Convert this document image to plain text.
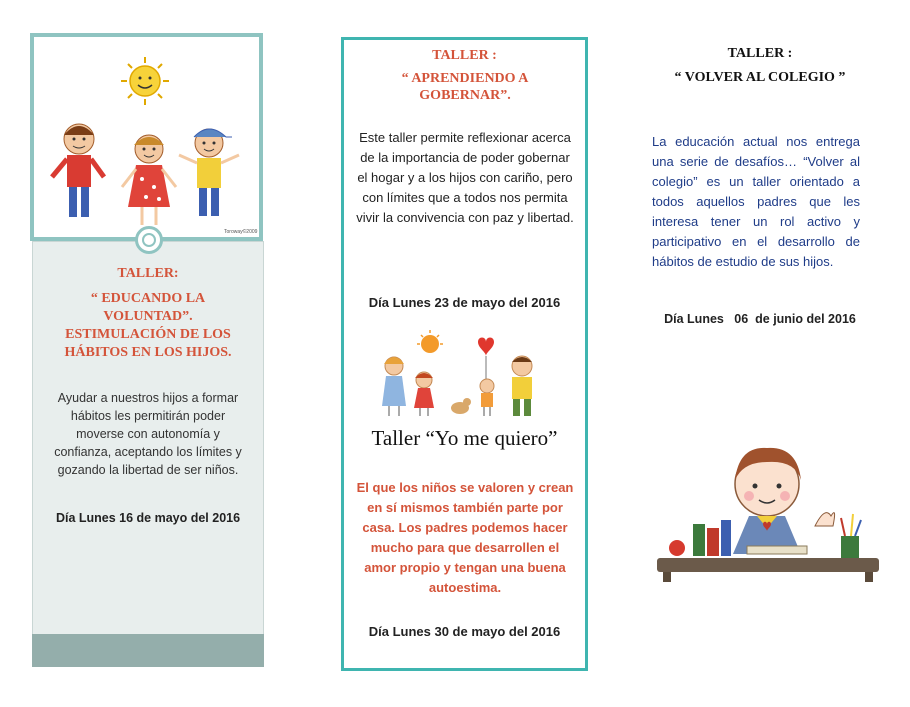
Toroway©2009
TALLER:
“ EDUCANDO LA VOLUNTAD”. ESTIMULACIÓN DE LOS HÁBITOS EN LOS HIJOS.
Ayudar a nuestros hijos a formar hábitos les permitirán poder moverse con autonomía y confianza, aceptando los límites y gozando la libertad de ser niños.
Día Lunes 16 de mayo del 2016
TALLER :
“ APRENDIENDO A GOBERNAR”.
Este taller permite reflexionar acerca de la importancia de poder gobernar el hogar y a los hijos con cariño, pero con límites que a todos nos permita vivir la convivencia con paz y libertad.
Día Lunes 23 de mayo del 2016
Taller “Yo me quiero”
El que los niños se valoren y crean en sí mismos también parte por casa. Los padres podemos hacer mucho para que desarrollen el amor propio y tengan una buena autoestima.
Día Lunes 30 de mayo del 2016
TALLER :
“ VOLVER AL COLEGIO ”
La educación actual nos entrega una serie de desafíos… “Volver al colegio” es un taller orientado a todos aquellos padres que les interesa tener un rol activo y participativo en el desarrollo de hábitos de estudio de sus hijos.
Día Lunes   06  de junio del 2016
